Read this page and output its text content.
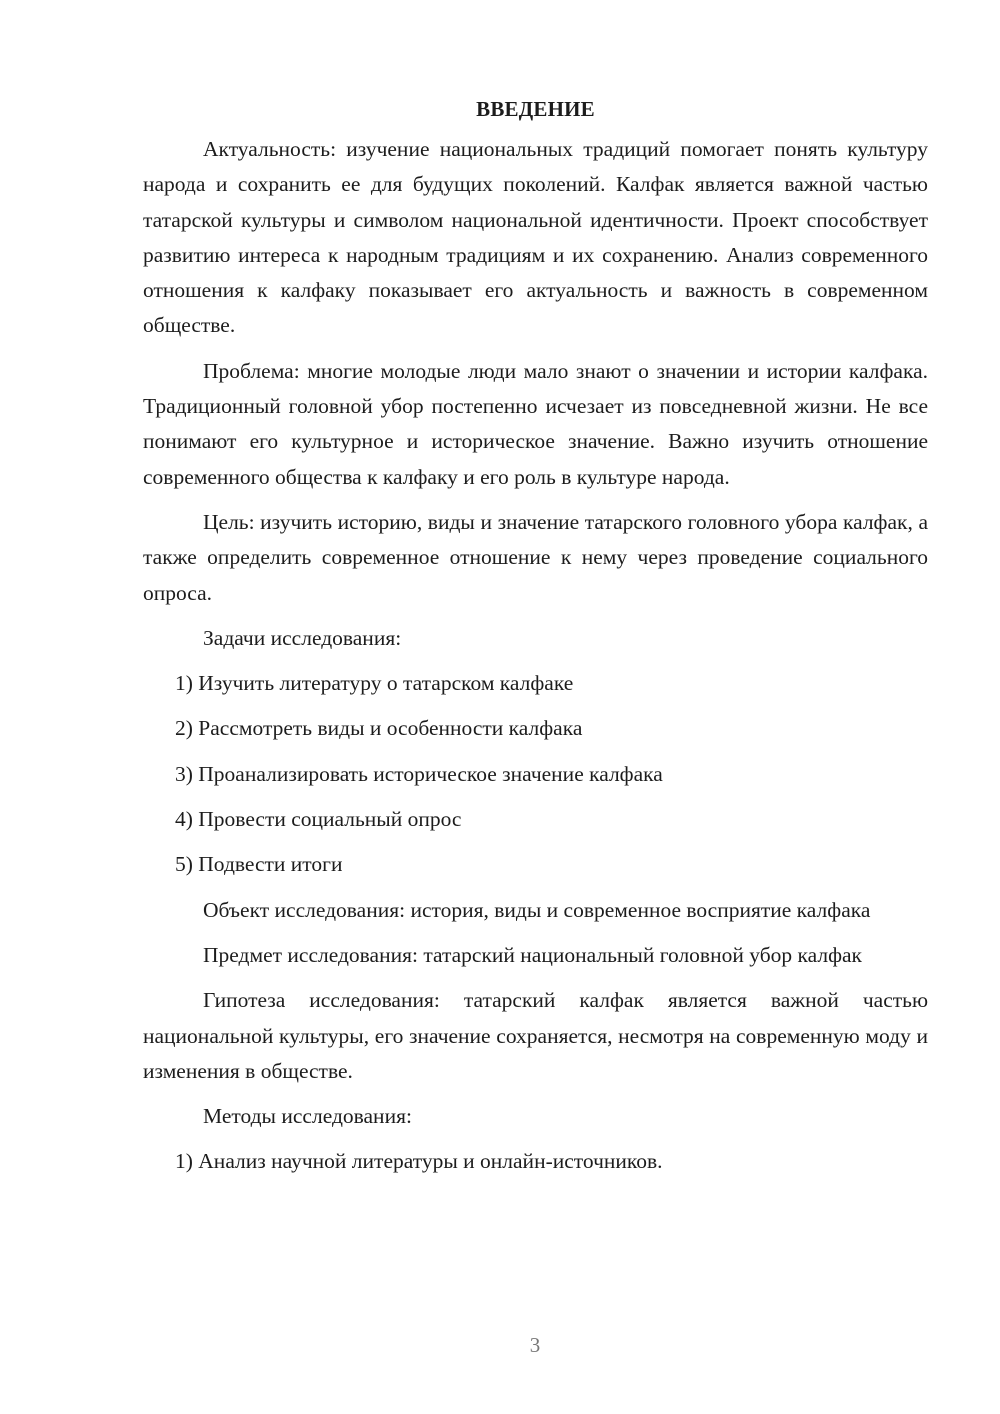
ВВЕДЕНИЕ

Актуальность: изучение национальных традиций помогает понять культуру народа и сохранить ее для будущих поколений. Калфак является важной частью татарской культуры и символом национальной идентичности. Проект способствует развитию интереса к народным традициям и их сохранению. Анализ современного отношения к калфаку показывает его актуальность и важность в современном обществе.

Проблема: многие молодые люди мало знают о значении и истории калфака. Традиционный головной убор постепенно исчезает из повседневной жизни. Не все понимают его культурное и историческое значение. Важно изучить отношение современного общества к калфаку и его роль в культуре народа.

Цель: изучить историю, виды и значение татарского головного убора калфак, а также определить современное отношение к нему через проведение социального опроса.

Задачи исследования:

1) Изучить литературу о татарском калфаке
2) Рассмотреть виды и особенности калфака
3) Проанализировать историческое значение калфака
4) Провести социальный опрос
5) Подвести итоги

Объект исследования: история, виды и современное восприятие калфака

Предмет исследования: татарский национальный головной убор калфак

Гипотеза исследования: татарский калфак является важной частью национальной культуры, его значение сохраняется, несмотря на современную моду и изменения в обществе.

Методы исследования:

1) Анализ научной литературы и онлайн-источников.
3
